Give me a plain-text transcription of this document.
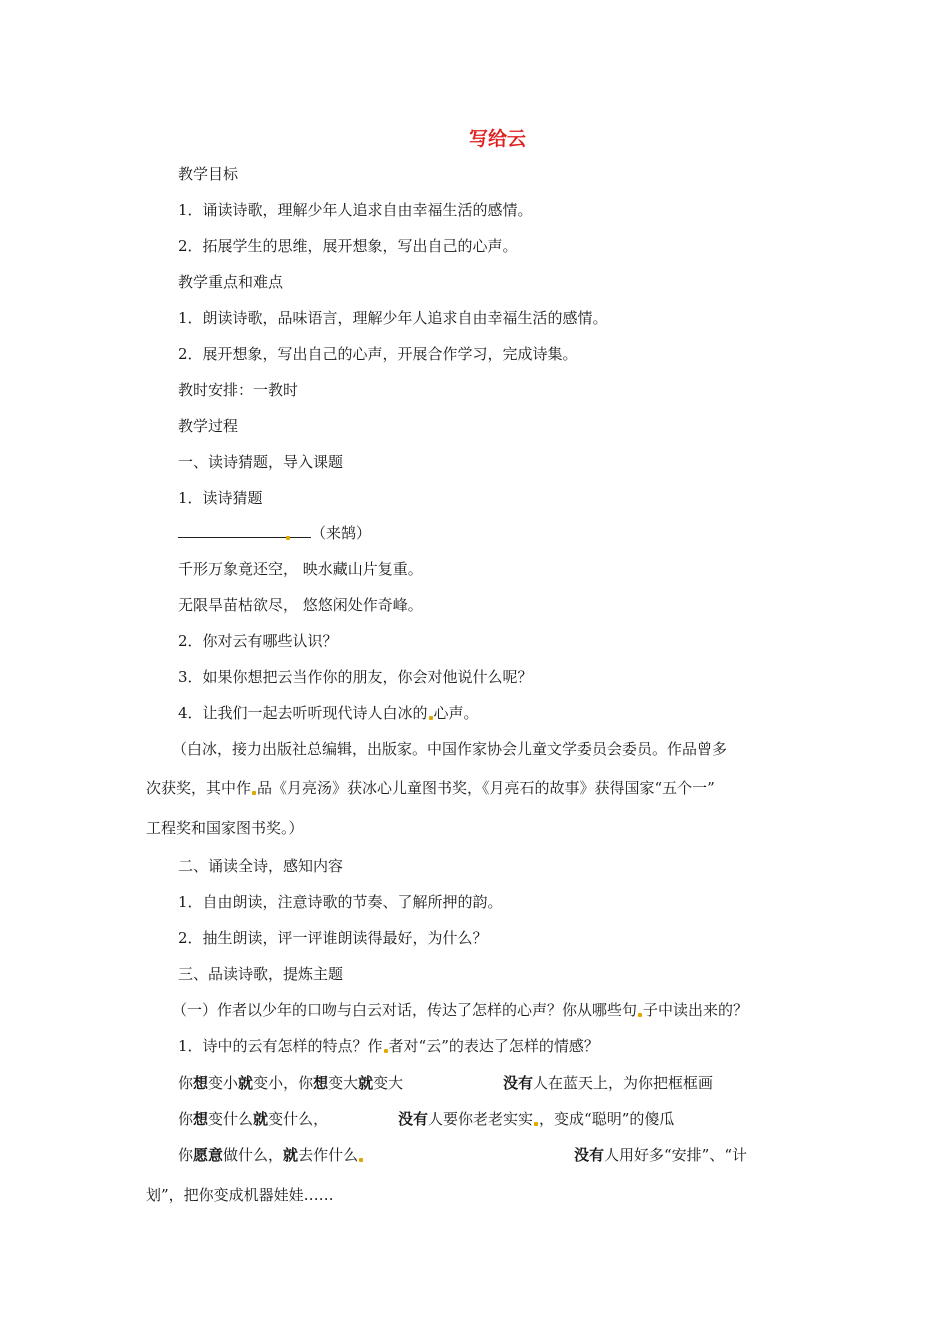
写给云
教学目标
1．诵读诗歌，理解少年人追求自由幸福生活的感情。
2．拓展学生的思维，展开想象，写出自己的心声。
教学重点和难点
1．朗读诗歌，品味语言，理解少年人追求自由幸福生活的感情。
2．展开想象，写出自己的心声，开展合作学习，完成诗集。
教时安排：一教时
教学过程
一、读诗猜题，导入课题
1．读诗猜题
（来鹄）
千形万象竟还空， 映水藏山片复重。
无限旱苗枯欲尽， 悠悠闲处作奇峰。
2．你对云有哪些认识？
3．如果你想把云当作你的朋友，你会对他说什么呢？
4．让我们一起去听听现代诗人白冰的 心声。
（白冰，接力出版社总编辑，出版家。中国作家协会儿童文学委员会委员。作品曾多
次获奖，其中作 品《月亮汤》获冰心儿童图书奖，《月亮石的故事》获得国家“五个一”
工程奖和国家图书奖。）
二、诵读全诗，感知内容
1．自由朗读，注意诗歌的节奏、了解所押的韵。
2．抽生朗读，评一评谁朗读得最好，为什么？
三、品读诗歌，提炼主题
（一）作者以少年的口吻与白云对话，传达了怎样的心声？你从哪些句 子中读出来的？
1．诗中的云有怎样的特点？作 者对“云”的表达了怎样的情感？
你想变小就变小，你想变大就变大	没有人在蓝天上，为你把框框画
你想变什么就变什么，	没有人要你老老实实 ，变成“聪明”的傻瓜
你愿意做什么，就去作什么	没有人用好多“安排”、“计
划”，把你变成机器娃娃……
